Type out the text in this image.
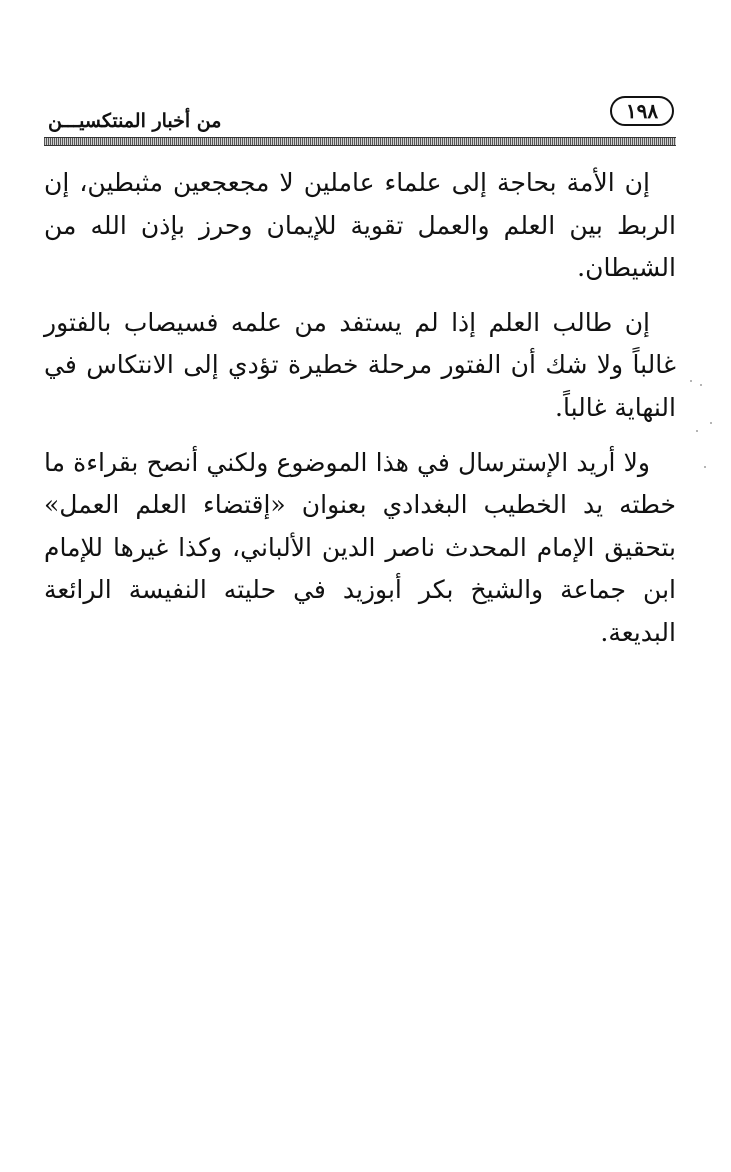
من أخبار المنتكسيـــن	١٩٨

إن الأمة بحاجة إلى علماء عاملين لا مجعجعين مثبطين، إن الربط بين العلم والعمل تقوية للإيمان وحرز بإذن الله من الشيطان.

إن طالب العلم إذا لم يستفد من علمه فسيصاب بالفتور غالباً ولا شك أن الفتور مرحلة خطيرة تؤدي إلى الانتكاس في النهاية غالباً.

ولا أريد الإسترسال في هذا الموضوع ولكني أنصح بقراءة ما خطته يد الخطيب البغدادي بعنوان «إقتضاء العلم العمل» بتحقيق الإمام المحدث ناصر الدين الألباني، وكذا غيرها للإمام ابن جماعة والشيخ بكر أبوزيد في حليته النفيسة الرائعة البديعة.
